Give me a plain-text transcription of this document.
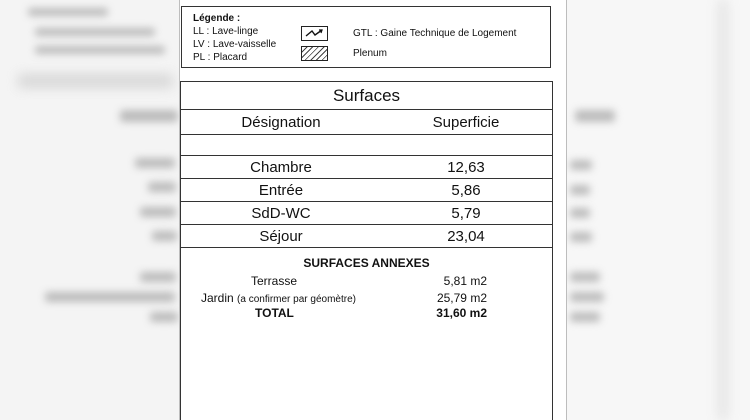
Légende :
LL : Lave-linge
LV : Lave-vaisselle
PL : Placard
GTL : Gaine Technique de Logement
Plenum
Surfaces
Désignation	Superficie
Chambre	12,63
Entrée	5,86
SdD-WC	5,79
Séjour	23,04
SURFACES ANNEXES
Terrasse	5,81 m2
Jardin (a confirmer par géomètre)	25,79 m2
TOTAL	31,60 m2
